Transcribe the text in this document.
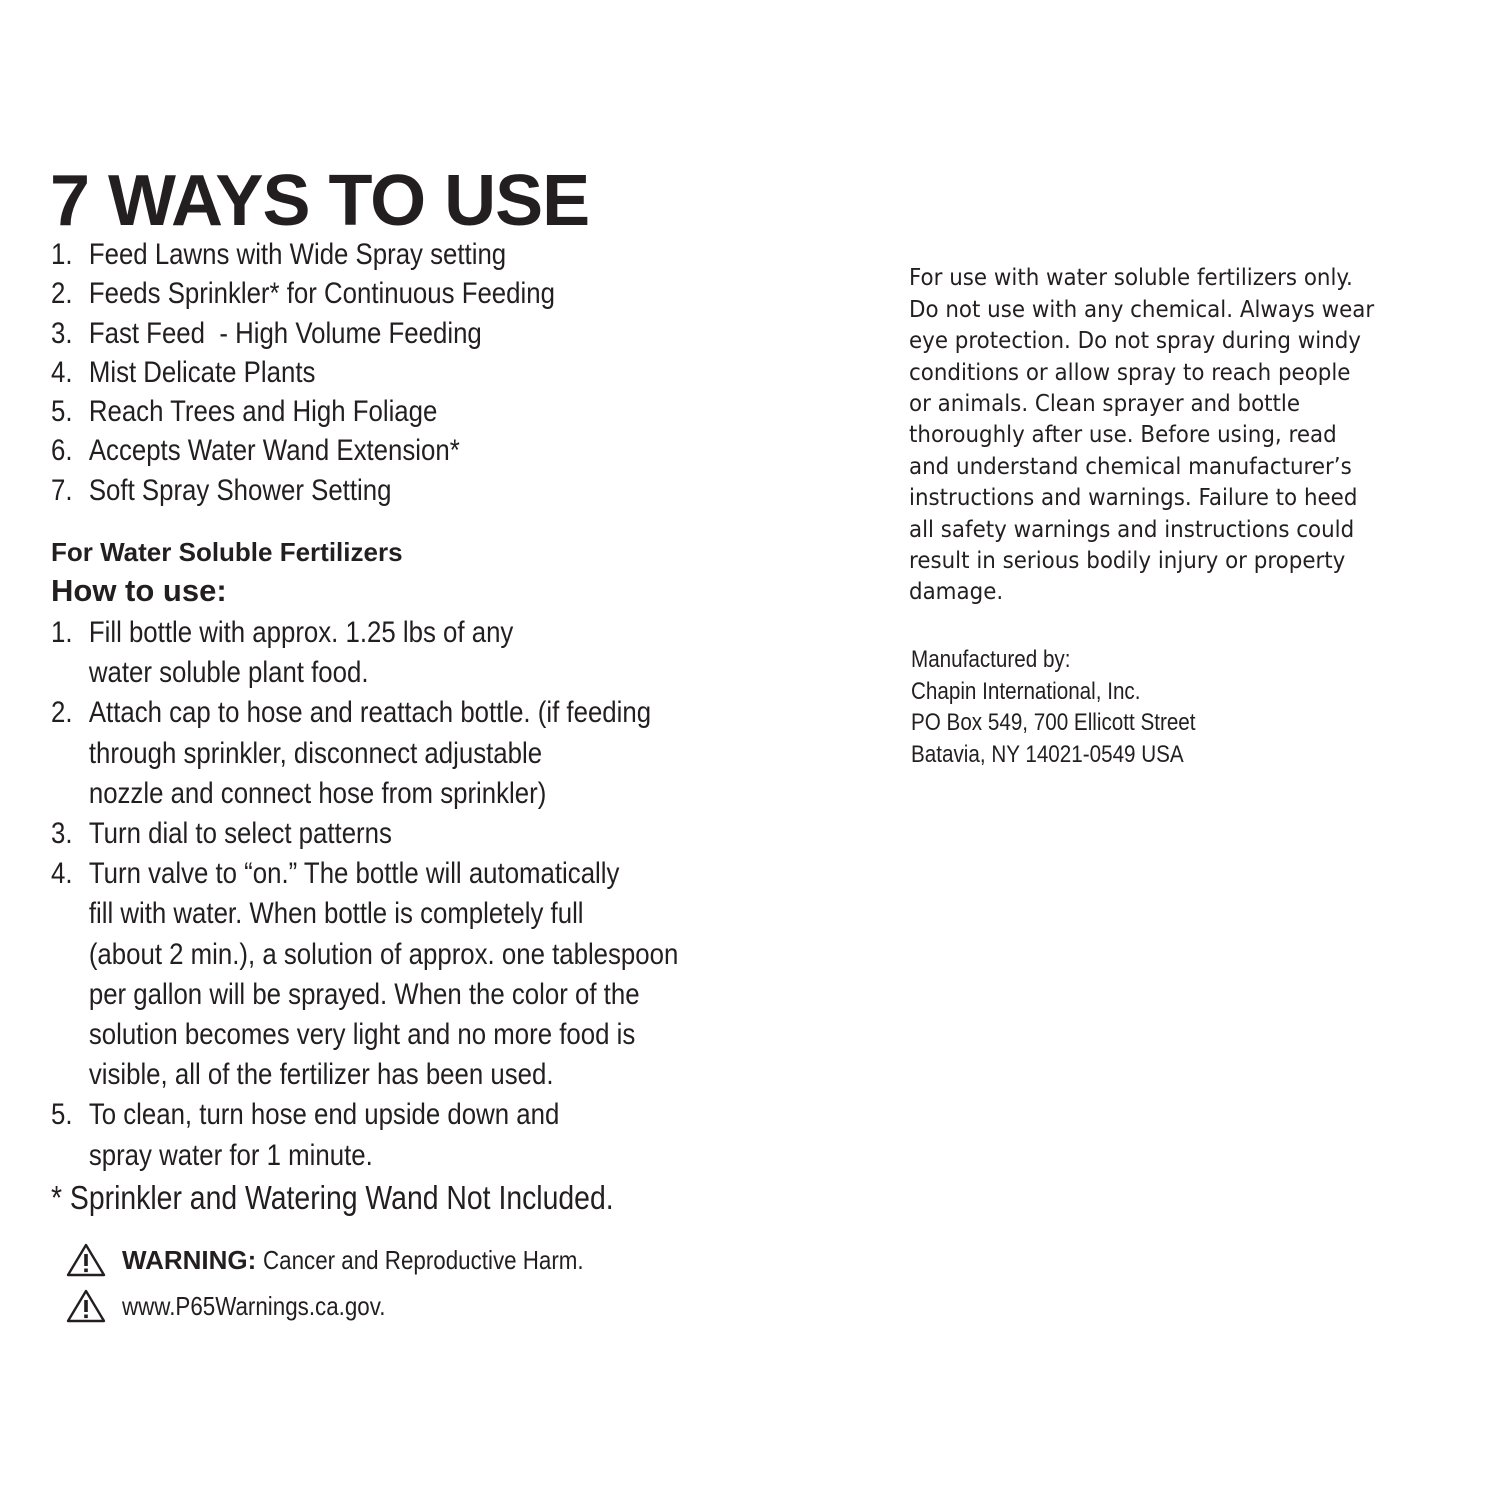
7 WAYS TO USE
1. Feed Lawns with Wide Spray setting
2. Feeds Sprinkler* for Continuous Feeding
3. Fast Feed  - High Volume Feeding
4. Mist Delicate Plants
5. Reach Trees and High Foliage
6. Accepts Water Wand Extension*
7. Soft Spray Shower Setting
For Water Soluble Fertilizers
How to use:
1. Fill bottle with approx. 1.25 lbs of any
water soluble plant food.
2. Attach cap to hose and reattach bottle. (if feeding
through sprinkler, disconnect adjustable
nozzle and connect hose from sprinkler)
3. Turn dial to select patterns
4. Turn valve to “on.” The bottle will automatically
fill with water. When bottle is completely full
(about 2 min.), a solution of approx. one tablespoon
per gallon will be sprayed. When the color of the
solution becomes very light and no more food is
visible, all of the fertilizer has been used.
5. To clean, turn hose end upside down and
spray water for 1 minute.
* Sprinkler and Watering Wand Not Included.
WARNING: Cancer and Reproductive Harm.
www.P65Warnings.ca.gov.

For use with water soluble fertilizers only.
Do not use with any chemical. Always wear
eye protection. Do not spray during windy
conditions or allow spray to reach people
or animals. Clean sprayer and bottle
thoroughly after use. Before using, read
and understand chemical manufacturer’s
instructions and warnings. Failure to heed
all safety warnings and instructions could
result in serious bodily injury or property
damage.

Manufactured by:
Chapin International, Inc.
PO Box 549, 700 Ellicott Street
Batavia, NY 14021-0549 USA
